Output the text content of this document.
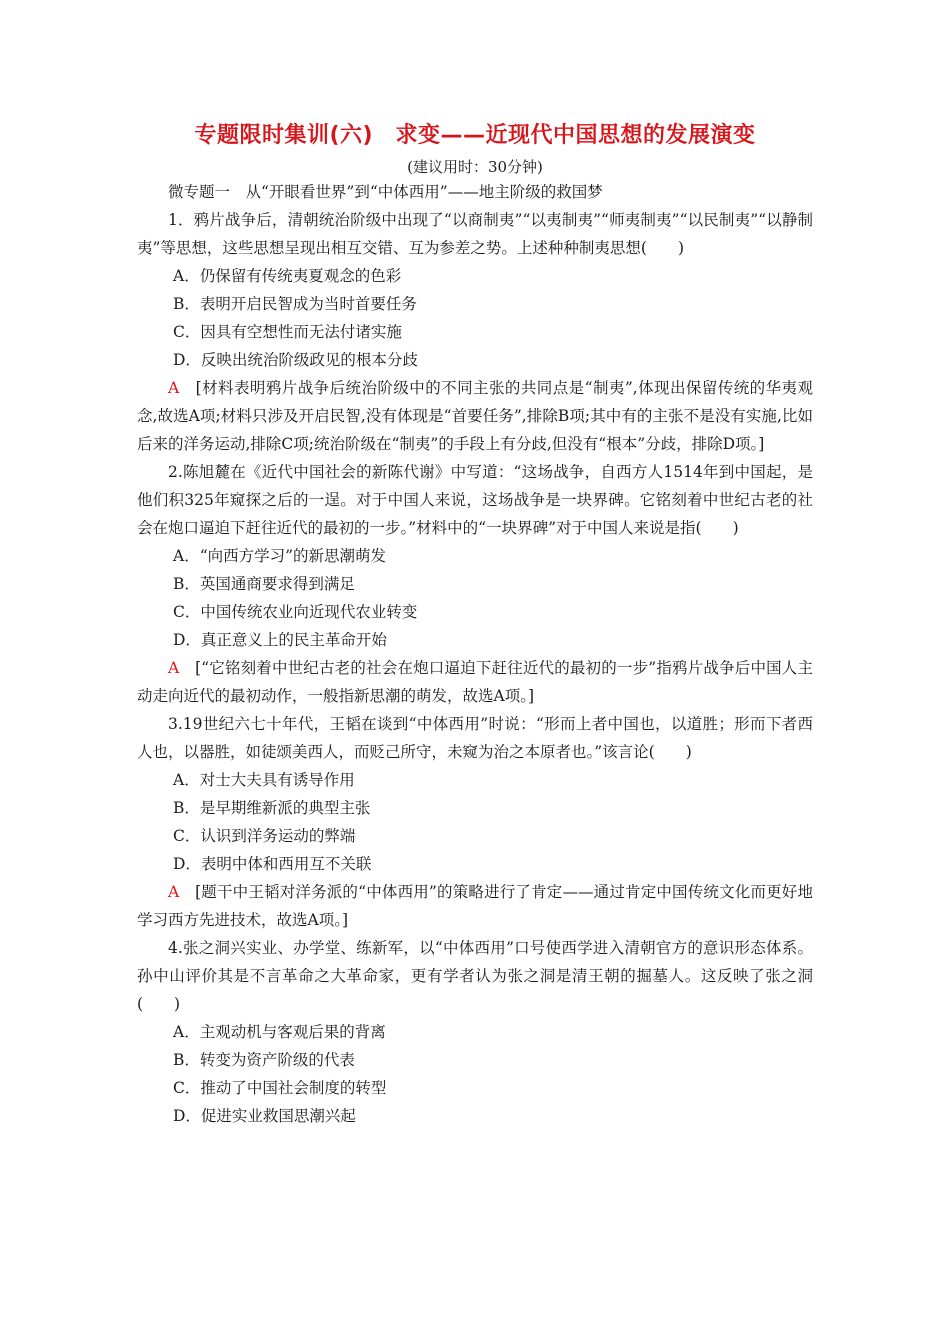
专题限时集训(六)　求变——近现代中国思想的发展演变
(建议用时：30分钟)

微专题一　从“开眼看世界”到“中体西用”——地主阶级的救国梦

1．鸦片战争后，清朝统治阶级中出现了“以商制夷”“以夷制夷”“师夷制夷”“以民制夷”“以静制夷”等思想，这些思想呈现出相互交错、互为参差之势。上述种种制夷思想(　　)

A．仍保留有传统夷夏观念的色彩

B．表明开启民智成为当时首要任务

C．因具有空想性而无法付诸实施

D．反映出统治阶级政见的根本分歧

A　 [材料表明鸦片战争后统治阶级中的不同主张的共同点是“制夷”,体现出保留传统的华夷观念,故选A项;材料只涉及开启民智,没有体现是“首要任务”,排除B项;其中有的主张不是没有实施,比如后来的洋务运动,排除C项;统治阶级在“制夷”的手段上有分歧,但没有“根本”分歧，排除D项。]

2.陈旭麓在《近代中国社会的新陈代谢》中写道：“这场战争，自西方人1514年到中国起，是他们积325年窥探之后的一逞。对于中国人来说，这场战争是一块界碑。它铭刻着中世纪古老的社会在炮口逼迫下赶往近代的最初的一步。”材料中的“一块界碑”对于中国人来说是指(　　)

A．“向西方学习”的新思潮萌发

B．英国通商要求得到满足

C．中国传统农业向近现代农业转变

D．真正意义上的民主革命开始

A　 [“它铭刻着中世纪古老的社会在炮口逼迫下赶往近代的最初的一步”指鸦片战争后中国人主动走向近代的最初动作，一般指新思潮的萌发，故选A项。]

3.19世纪六七十年代，王韬在谈到“中体西用”时说：“形而上者中国也，以道胜；形而下者西人也，以器胜，如徒颂美西人，而贬己所守，未窥为治之本原者也。”该言论(　　)

A．对士大夫具有诱导作用

B．是早期维新派的典型主张

C．认识到洋务运动的弊端

D．表明中体和西用互不关联

A　 [题干中王韬对洋务派的“中体西用”的策略进行了肯定——通过肯定中国传统文化而更好地学习西方先进技术，故选A项。]

4.张之洞兴实业、办学堂、练新军，以“中体西用”口号使西学进入清朝官方的意识形态体系。孙中山评价其是不言革命之大革命家，更有学者认为张之洞是清王朝的掘墓人。这反映了张之洞(　　)

A．主观动机与客观后果的背离

B．转变为资产阶级的代表

C．推动了中国社会制度的转型

D．促进实业救国思潮兴起
